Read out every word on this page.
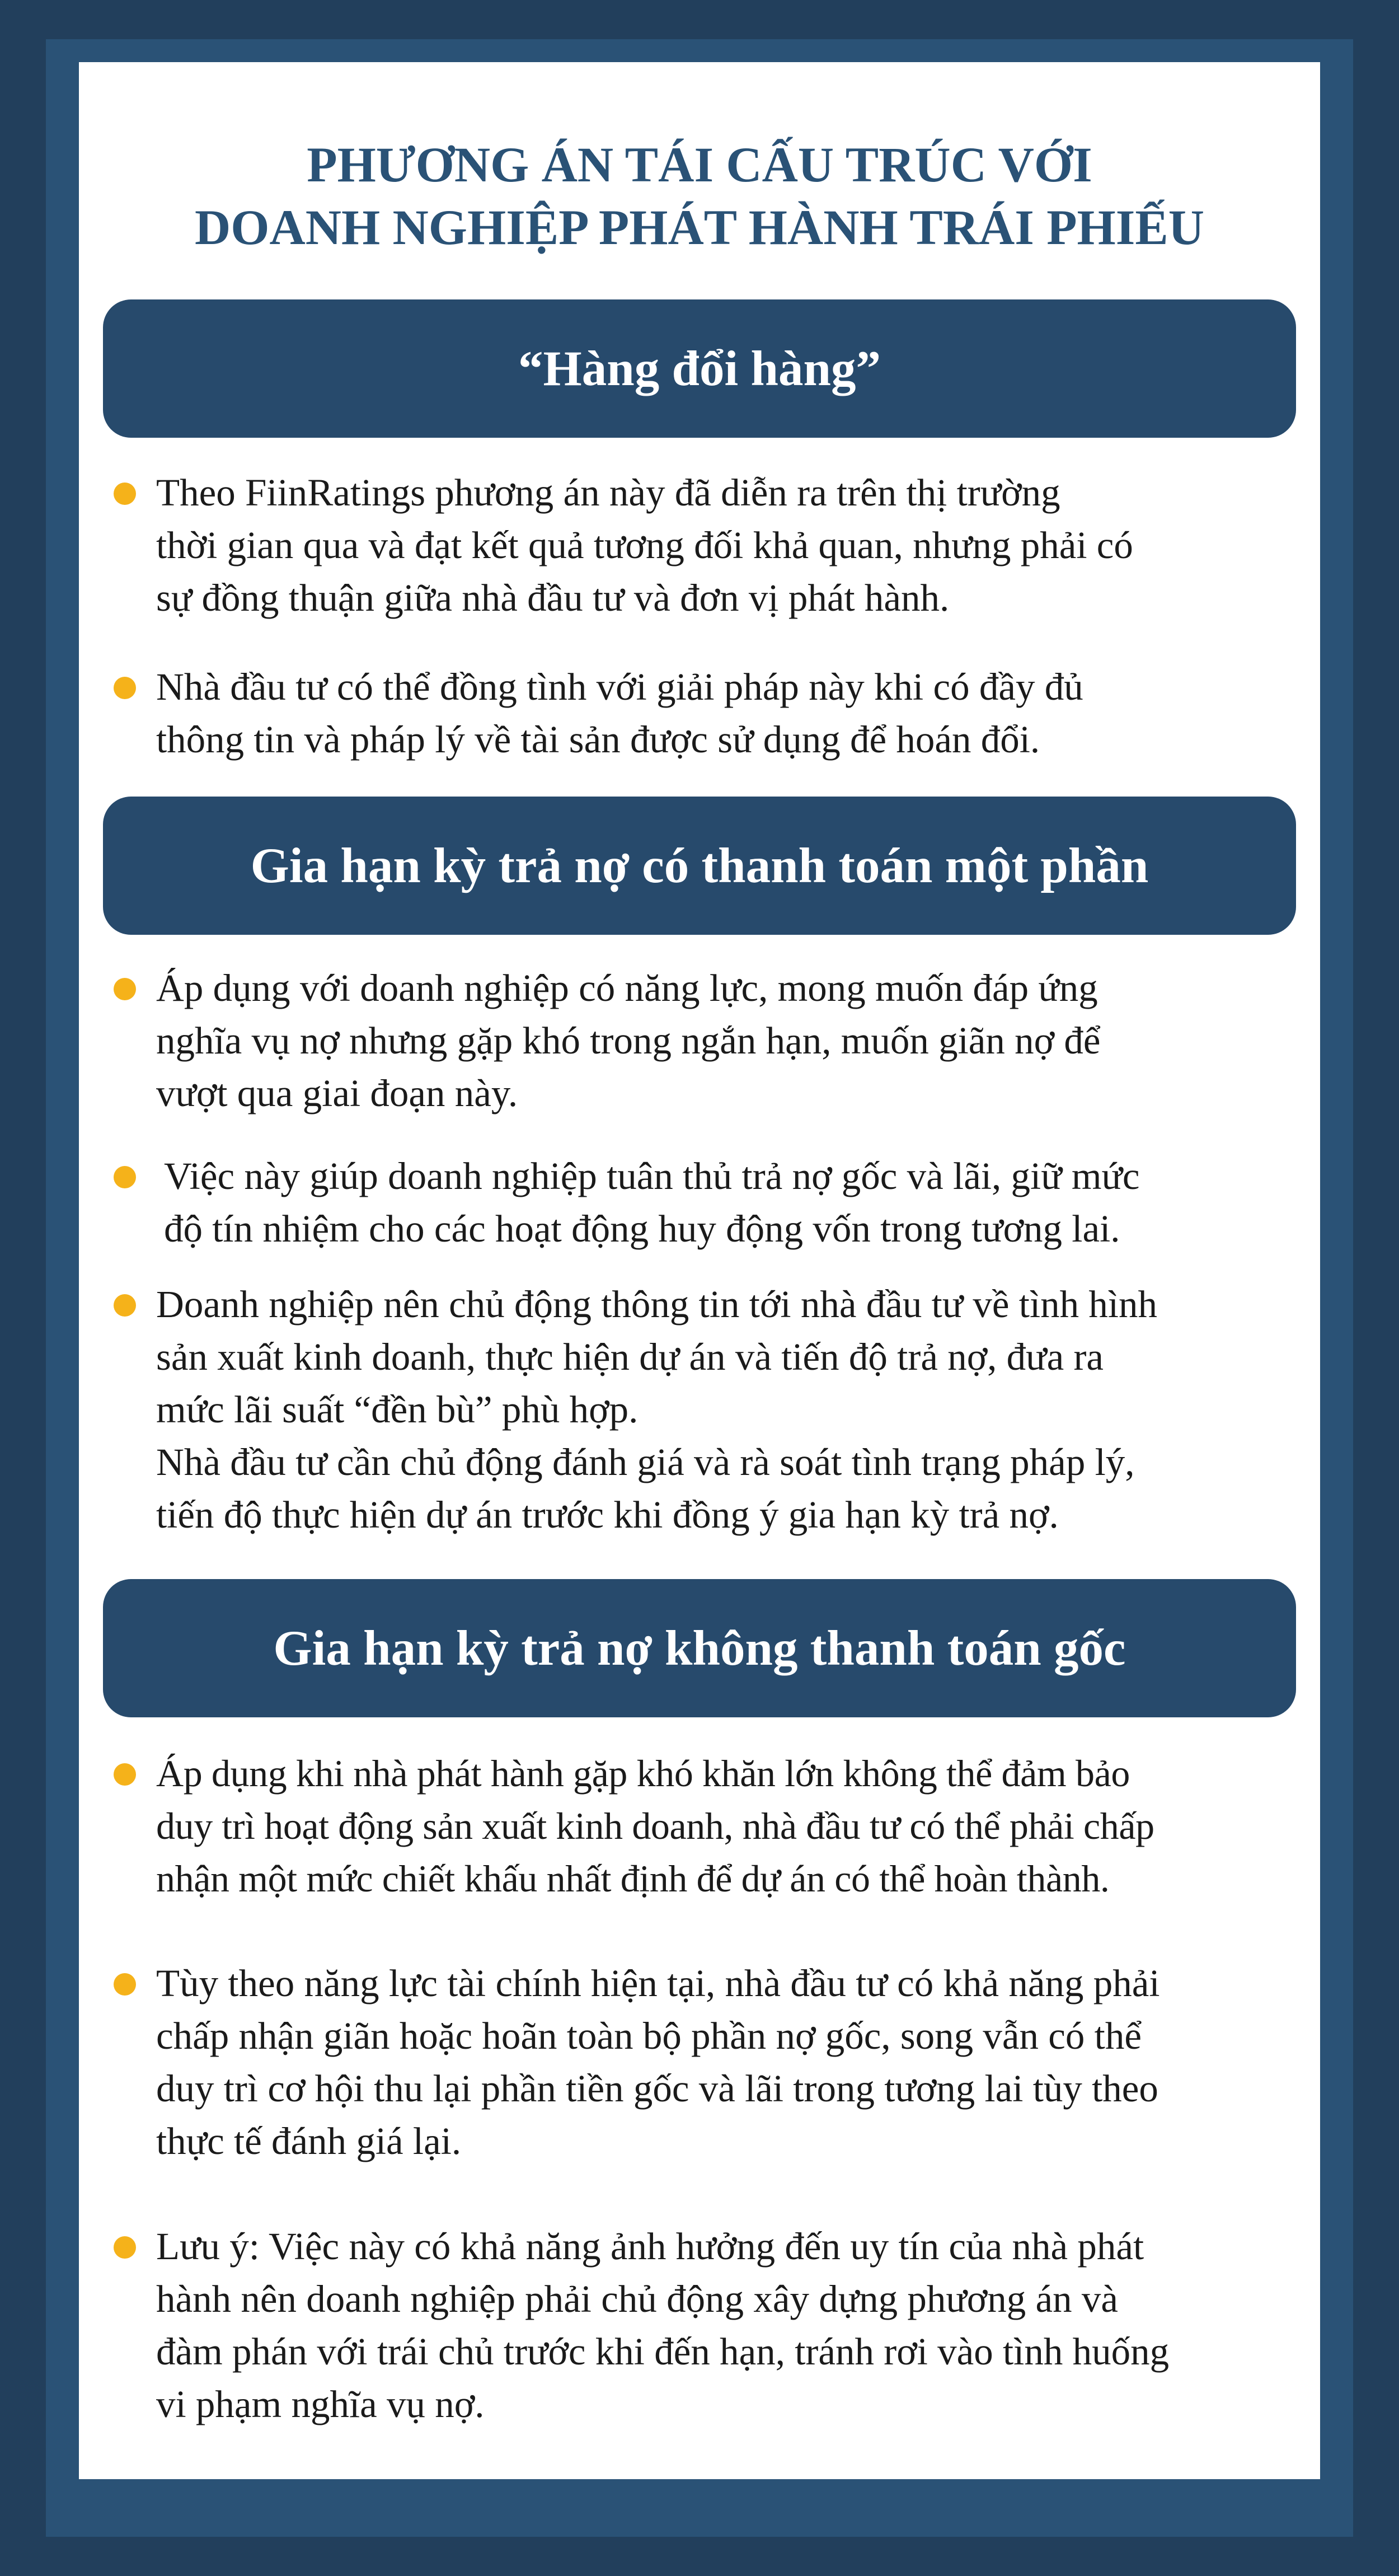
PHƯƠNG ÁN TÁI CẤU TRÚC VỚI
DOANH NGHIỆP PHÁT HÀNH TRÁI PHIẾU
“Hàng đổi hàng”
Theo FiinRatings phương án này đã diễn ra trên thị trường
thời gian qua và đạt kết quả tương đối khả quan, nhưng phải có
sự đồng thuận giữa nhà đầu tư và đơn vị phát hành.
Nhà đầu tư có thể đồng tình với giải pháp này khi có đầy đủ
thông tin và pháp lý về tài sản được sử dụng để hoán đổi.
Gia hạn kỳ trả nợ có thanh toán một phần
Áp dụng với doanh nghiệp có năng lực, mong muốn đáp ứng
nghĩa vụ nợ nhưng gặp khó trong ngắn hạn, muốn giãn nợ để
vượt qua giai đoạn này.
Việc này giúp doanh nghiệp tuân thủ trả nợ gốc và lãi, giữ mức
độ tín nhiệm cho các hoạt động huy động vốn trong tương lai.
Doanh nghiệp nên chủ động thông tin tới nhà đầu tư về tình hình
sản xuất kinh doanh, thực hiện dự án và tiến độ trả nợ, đưa ra
mức lãi suất “đền bù” phù hợp.
Nhà đầu tư cần chủ động đánh giá và rà soát tình trạng pháp lý,
tiến độ thực hiện dự án trước khi đồng ý gia hạn kỳ trả nợ.
Gia hạn kỳ trả nợ không thanh toán gốc
Áp dụng khi nhà phát hành gặp khó khăn lớn không thể đảm bảo
duy trì hoạt động sản xuất kinh doanh, nhà đầu tư có thể phải chấp
nhận một mức chiết khấu nhất định để dự án có thể hoàn thành.
Tùy theo năng lực tài chính hiện tại, nhà đầu tư có khả năng phải
chấp nhận giãn hoặc hoãn toàn bộ phần nợ gốc, song vẫn có thể
duy trì cơ hội thu lại phần tiền gốc và lãi trong tương lai tùy theo
thực tế đánh giá lại.
Lưu ý: Việc này có khả năng ảnh hưởng đến uy tín của nhà phát
hành nên doanh nghiệp phải chủ động xây dựng phương án và
đàm phán với trái chủ trước khi đến hạn, tránh rơi vào tình huống
vi phạm nghĩa vụ nợ.
